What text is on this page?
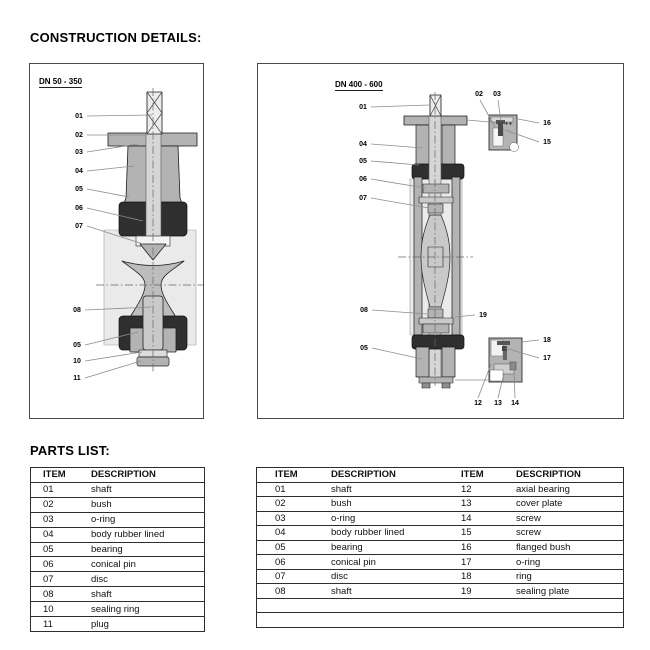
CONSTRUCTION DETAILS:
DN 50 - 350
01
02
03
04
05
06
07
08
05
10
11
DN 400 - 600
01
04
05
06
07
08
19
05
02	03
16
15
18
17
12	13	14
PARTS LIST:
ITEM	DESCRIPTION
01	shaft
02	bush
03	o-ring
04	body rubber lined
05	bearing
06	conical pin
07	disc
08	shaft
10	sealing ring
11	plug
ITEM	DESCRIPTION	ITEM	DESCRIPTION
01	shaft	12	axial bearing
02	bush	13	cover plate
03	o-ring	14	screw
04	body rubber lined	15	screw
05	bearing	16	flanged bush
06	conical pin	17	o-ring
07	disc	18	ring
08	shaft	19	sealing plate
